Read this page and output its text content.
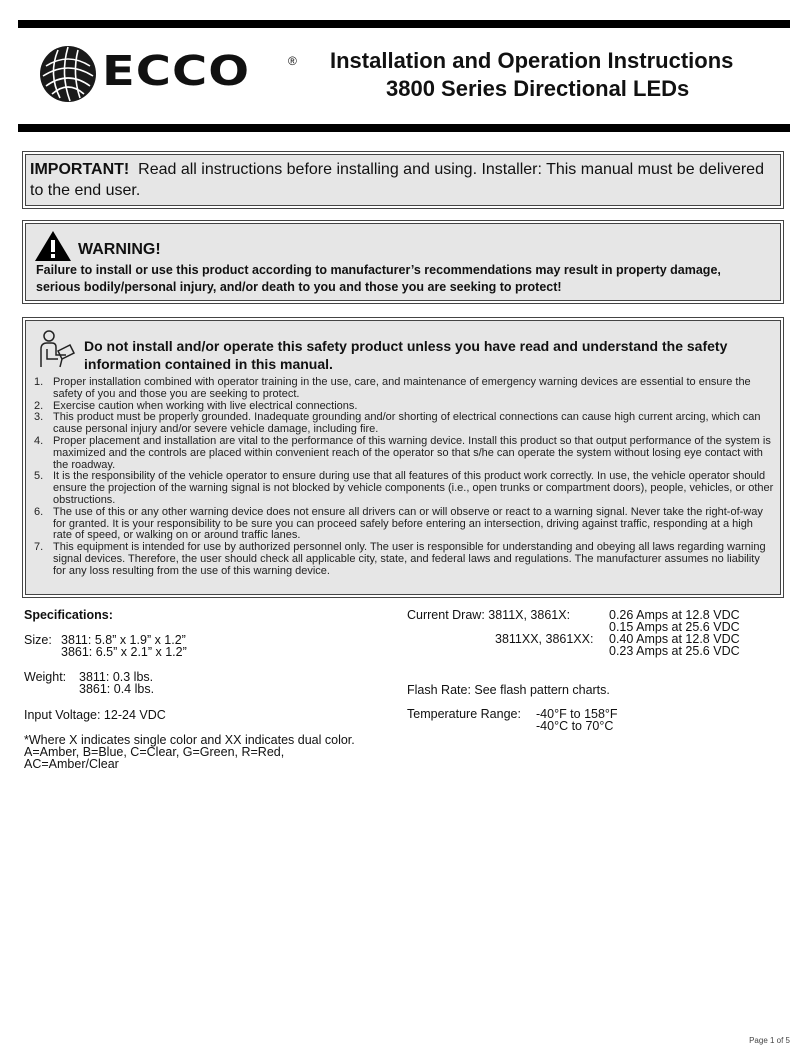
ECCO	® Installation and Operation Instructions
3800 Series Directional LEDs
IMPORTANT! Read all instructions before installing and using. Installer: This manual must be delivered to the end user.
WARNING!
Failure to install or use this product according to manufacturer’s recommendations may result in property damage, serious bodily/personal injury, and/or death to you and those you are seeking to protect!
Do not install and/or operate this safety product unless you have read and understand the safety information contained in this manual.
1. Proper installation combined with operator training in the use, care, and maintenance of emergency warning devices are essential to ensure the safety of you and those you are seeking to protect.
2. Exercise caution when working with live electrical connections.
3. This product must be properly grounded. Inadequate grounding and/or shorting of electrical connections can cause high current arcing, which can cause personal injury and/or severe vehicle damage, including fire.
4. Proper placement and installation are vital to the performance of this warning device. Install this product so that output performance of the system is maximized and the controls are placed within convenient reach of the operator so that s/he can operate the system without losing eye contact with the roadway.
5. It is the responsibility of the vehicle operator to ensure during use that all features of this product work correctly. In use, the vehicle operator should ensure the projection of the warning signal is not blocked by vehicle components (i.e., open trunks or compartment doors), people, vehicles, or other obstructions.
6. The use of this or any other warning device does not ensure all drivers can or will observe or react to a warning signal. Never take the right-of-way for granted. It is your responsibility to be sure you can proceed safely before entering an intersection, driving against traffic, responding at a high rate of speed, or walking on or around traffic lanes.
7. This equipment is intended for use by authorized personnel only. The user is responsible for understanding and obeying all laws regarding warning signal devices. Therefore, the user should check all applicable city, state, and federal laws and regulations. The manufacturer assumes no liability for any loss resulting from the use of this warning device.
Specifications:
Size: 3811: 5.8” x 1.9” x 1.2”
3861: 6.5” x 2.1” x 1.2”
Weight: 3811: 0.3 lbs.
3861: 0.4 lbs.
Input Voltage: 12-24 VDC
*Where X indicates single color and XX indicates dual color.
A=Amber, B=Blue, C=Clear, G=Green, R=Red,
AC=Amber/Clear
Current Draw: 3811X, 3861X:	0.26 Amps at 12.8 VDC
0.15 Amps at 25.6 VDC
3811XX, 3861XX: 0.40 Amps at 12.8 VDC
0.23 Amps at 25.6 VDC
Flash Rate: See flash pattern charts.
Temperature Range: -40°F to 158°F
-40°C to 70°C
Page 1 of 5
